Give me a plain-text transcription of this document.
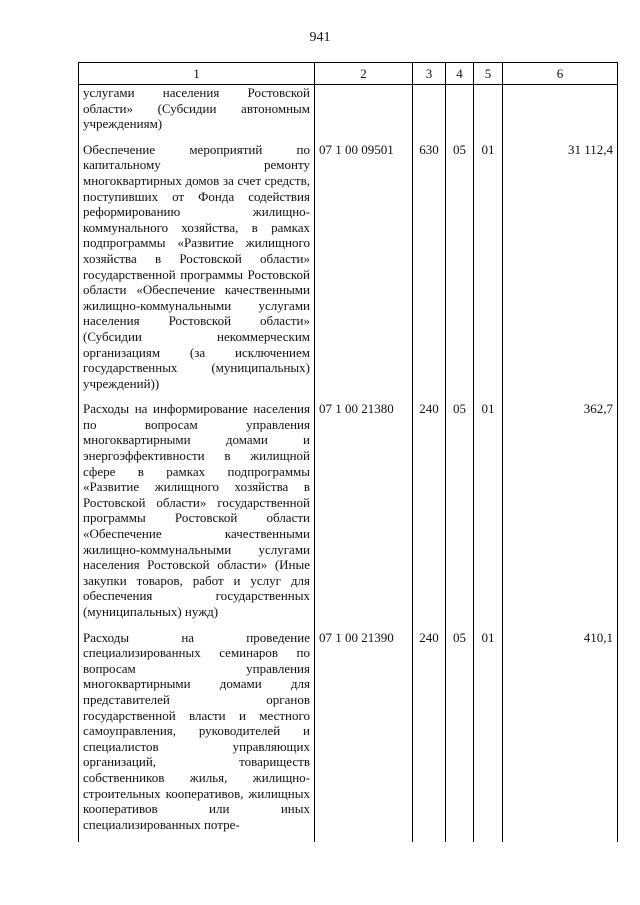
941
1	2	3	4	5	6
услугами населения Ростовской области» (Субсидии автономным учреждениям)					
Обеспечение мероприятий по капитальному ремонту многоквартирных домов за счет средств, поступивших от Фонда содействия реформированию жилищно-коммунального хозяйства, в рамках подпрограммы «Развитие жилищного хозяйства в Ростовской области» государственной программы Ростовской области «Обеспечение качественными жилищно-коммунальными услугами населения Ростовской области» (Субсидии некоммерческим организациям (за исключением государственных (муниципальных) учреждений))	07 1 00 09501	630	05	01	31 112,4
Расходы на информирование населения по вопросам управления многоквартирными домами и энергоэффективности в жилищной сфере в рамках подпрограммы «Развитие жилищного хозяйства в Ростовской области» государственной программы Ростовской области «Обеспечение качественными жилищно-коммунальными услугами населения Ростовской области» (Иные закупки товаров, работ и услуг для обеспечения государственных (муниципальных) нужд)	07 1 00 21380	240	05	01	362,7
Расходы на проведение специализированных семинаров по вопросам управления многоквартирными домами для представителей органов государственной власти и местного самоуправления, руководителей и специалистов управляющих организаций, товариществ собственников жилья, жилищно-строительных кооперативов, жилищных кооперативов или иных специализированных потре-	07 1 00 21390	240	05	01	410,1
